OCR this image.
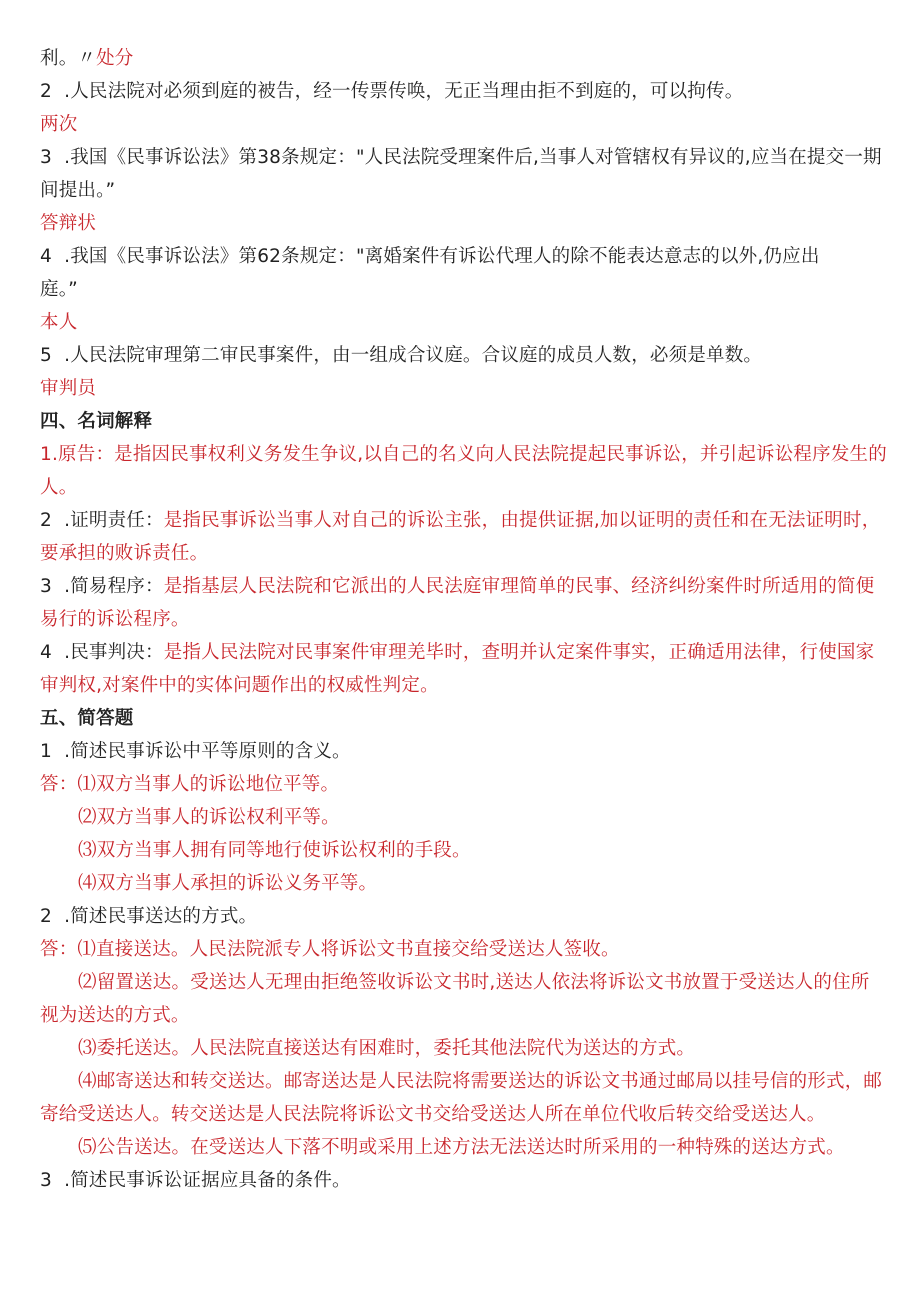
利。〃处分
2  .人民法院对必须到庭的被告，经一传票传唤，无正当理由拒不到庭的，可以拘传。
两次
3  .我国《民事诉讼法》第38条规定："人民法院受理案件后,当事人对管辖权有异议的,应当在提交一期
间提出。”
答辩状
4  .我国《民事诉讼法》第62条规定："离婚案件有诉讼代理人的除不能表达意志的以外,仍应出
庭。”
本人
5  .人民法院审理第二审民事案件，由一组成合议庭。合议庭的成员人数，必须是单数。
审判员
四、名词解释
1.原告：是指因民事权利义务发生争议,以自己的名义向人民法院提起民事诉讼，并引起诉讼程序发生的
人。
2  .证明责任：是指民事诉讼当事人对自己的诉讼主张，由提供证据,加以证明的责任和在无法证明时，
要承担的败诉责任。
3  .简易程序：是指基层人民法院和它派出的人民法庭审理简单的民事、经济纠纷案件时所适用的简便
易行的诉讼程序。
4  .民事判决：是指人民法院对民事案件审理羌毕时，查明并认定案件事实，正确适用法律，行使国家
审判权,对案件中的实体问题作出的权威性判定。
五、简答题
1  .简述民事诉讼中平等原则的含义。
答：⑴双方当事人的诉讼地位平等。
⑵双方当事人的诉讼权利平等。
⑶双方当事人拥有同等地行使诉讼权利的手段。
⑷双方当事人承担的诉讼义务平等。
2  .简述民事送达的方式。
答：⑴直接送达。人民法院派专人将诉讼文书直接交给受送达人签收。
⑵留置送达。受送达人无理由拒绝签收诉讼文书时,送达人依法将诉讼文书放置于受送达人的住所
视为送达的方式。
⑶委托送达。人民法院直接送达有困难时，委托其他法院代为送达的方式。
⑷邮寄送达和转交送达。邮寄送达是人民法院将需要送达的诉讼文书通过邮局以挂号信的形式，邮
寄给受送达人。转交送达是人民法院将诉讼文书交给受送达人所在单位代收后转交给受送达人。
⑸公告送达。在受送达人下落不明或采用上述方法无法送达时所采用的一种特殊的送达方式。
3  .简述民事诉讼证据应具备的条件。
